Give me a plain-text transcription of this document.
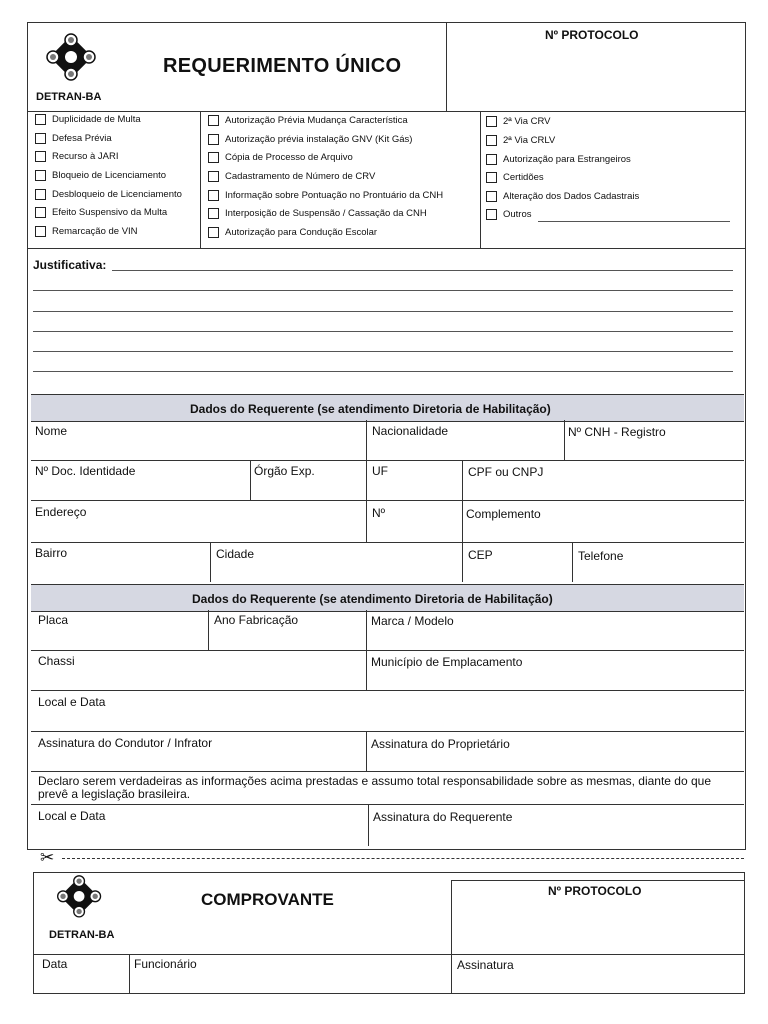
DETRAN-BA
REQUERIMENTO ÚNICO
Nº PROTOCOLO
Duplicidade de Multa
Defesa Prévia
Recurso à JARI
Bloqueio de Licenciamento
Desbloqueio de Licenciamento
Efeito Suspensivo da Multa
Remarcação de VIN
Autorização Prévia Mudança Característica
Autorização prévia instalação GNV (Kit Gás)
Cópia de Processo de Arquivo
Cadastramento de Número de CRV
Informação sobre Pontuação no Prontuário da CNH
Interposição de Suspensão / Cassação da CNH
Autorização para Condução Escolar
2ª Via CRV
2ª Via CRLV
Autorização para Estrangeiros
Certidões
Alteração dos Dados Cadastrais
Outros
Justificativa:
Dados do Requerente (se atendimento Diretoria de Habilitação)
Nome	Nacionalidade	Nº CNH - Registro
Nº Doc. Identidade	Órgão Exp.	UF	CPF ou CNPJ
Endereço	Nº	Complemento
Bairro	Cidade	CEP	Telefone
Dados do Requerente (se atendimento Diretoria de Habilitação)
Placa	Ano Fabricação	Marca / Modelo
Chassi	Município de Emplacamento
Local e Data
Assinatura do Condutor / Infrator	Assinatura do Proprietário
Declaro serem verdadeiras as informações acima prestadas e assumo total responsabilidade sobre as mesmas, diante do que prevê a legislação brasileira.
Local e Data	Assinatura do Requerente
✂
DETRAN-BA
COMPROVANTE	Nº PROTOCOLO
Data	Funcionário	Assinatura
